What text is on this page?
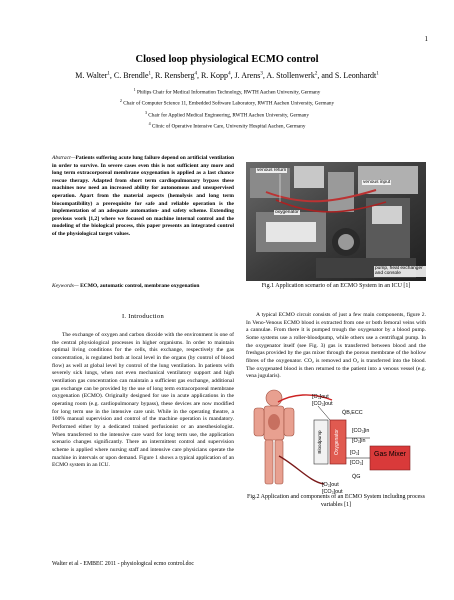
1
Closed loop physiological ECMO control
M. Walter$^1$, C. Brendle$^1$, R. Rensberg$^4$, R. Kopp$^4$, J. Arens$^3$, A. Stollenwerk$^2$, and S. Leonhardt$^1$
$^1$ Philips Chair for Medical Information Technology, RWTH Aachen University, Germany
$^2$ Chair of Computer Science 11, Embedded Software Laboratory, RWTH Aachen University, Germany
$^3$ Chair for Applied Medical Engineering, RWTH Aachen University, Germany
$^4$ Clinic of Operative Intensive Care, University Hospital Aachen, Germany
Abstract—Patients suffering acute lung failure depend on artificial ventilation in order to survive. In severe cases even this is not sufficient any more and long term extracorporeal membrane oxygenation is applied as a last chance rescue therapy. Adapted from short term cardiopulmonary bypass these machines now need an increased ability for autonomous and unsupervised operation. Apart from the material aspects (hemolysis and long term biocompatibility) a prerequisite for safe and reliable operation is the implementation of an adequate automation- and safety scheme. Extending previous work [1,2] where we focused on machine internal control and the modeling of the biological process, this paper presents an integrated control of the physiological target values.
Keywords— ECMO, automatic control, membrane oxygenation
I. Introduction
The exchange of oxygen and carbon dioxide with the environment is one of the central physiological processes in higher organisms. In order to maintain optimal living conditions for the cells, this exchange, respectively the gas concentration, is regulated both at local level in the organs (by control of blood flow) as well at global level by control of the lung ventilation. In patients with severely sick lungs, when not even mechanical ventilatory support and high ventilation gas concentration can maintain a sufficient gas exchange, additional gas exchange can be provided by the use of long term extracorporeal membrane oxygenation (ECMO). Originally designed for use in acute applications in the operating room (e.g. cardiopulmonary bypass), these devices are now modified for long term use in the intensive care unit. While in the operating theatre, a 100% manual supervision and control of the machine operation is mandatory. Performed either by a dedicated trained perfusionist or an anesthesiologist. When transferred to the intensive care ward for long term use, the application scenario changes significantly. There an intermittent control and supervision scheme is applied where nursing staff and intensive care physicians operate the machine in intervals or upon demand. Figure 1 shows a typical application of an ECMO system in an ICU.
venous return
venous input
oxygenator
pump, heat exchanger and console
Fig.1 Application scenario of an ECMO System in an ICU [1]
A typical ECMO circuit consists of just a few main components, figure 2. In Veno-Venous ECMO blood is extracted from one or both femoral veins with a cannulae. From there it is pumped trough the oxygenator by a blood pump. Some systems use a roller-bloodpump, while others use a centrifugal pump. In the oxygenator itself (see Fig. 3) gas is transferred between blood and the freshgas provided by the gas mixer through the porous membrane of the hollow fibres of the oxygenator. CO₂ is removed and O₂ is transferred into the blood. The oxygenated blood is then returned to the patient into a venous vessel (e.g. vena jugularis).
Oxygenator
Bloodpump
Gas Mixer
[O₂]out
[CO₂]out
Q̇B,ECC
[CO₂]in
[O₂]in
[O₂]
[CO₂]
Q̇G
[O₂]out
[CO₂]out
Fig.2 Application and components of an ECMO System including process variables [1]
Walter et al - EMBEC 2011 - physiological ecmo control.doc
